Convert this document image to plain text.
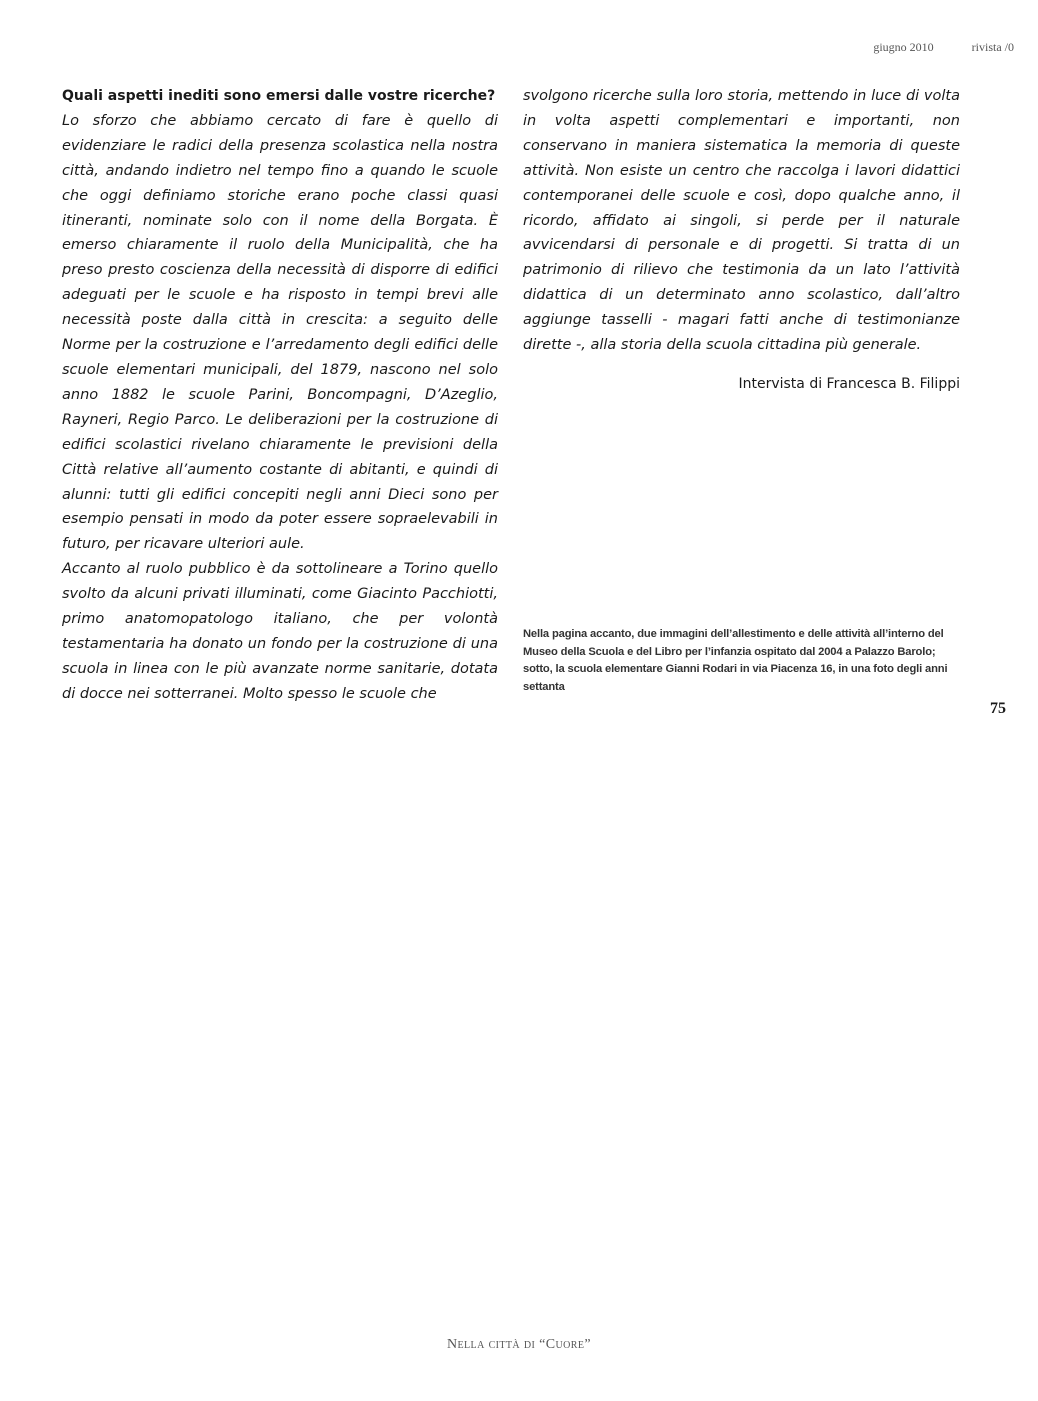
giugno 2010	rivista /0

Quali aspetti inediti sono emersi dalle vostre ricerche?

Lo sforzo che abbiamo cercato di fare è quello di evidenziare le radici della presenza scolastica nella nostra città, andando indietro nel tempo fino a quando le scuole che oggi definiamo storiche erano poche classi quasi itineranti, nominate solo con il nome della Borgata. È emerso chiaramente il ruolo della Municipalità, che ha preso presto coscienza della necessità di disporre di edifici adeguati per le scuole e ha risposto in tempi brevi alle necessità poste dalla città in crescita: a seguito delle Norme per la costruzione e l’arredamento degli edifici delle scuole elementari municipali, del 1879, nascono nel solo anno 1882 le scuole Parini, Boncompagni, D’Azeglio, Rayneri, Regio Parco. Le deliberazioni per la costruzione di edifici scolastici rivelano chiaramente le previsioni della Città relative all’aumento costante di abitanti, e quindi di alunni: tutti gli edifici concepiti negli anni Dieci sono per esempio pensati in modo da poter essere sopraelevabili in futuro, per ricavare ulteriori aule.

Accanto al ruolo pubblico è da sottolineare a Torino quello svolto da alcuni privati illuminati, come Giacinto Pacchiotti, primo anatomopatologo italiano, che per volontà testamentaria ha donato un fondo per la costruzione di una scuola in linea con le più avanzate norme sanitarie, dotata di docce nei sotterranei. Molto spesso le scuole che

svolgono ricerche sulla loro storia, mettendo in luce di volta in volta aspetti complementari e importanti, non conservano in maniera sistematica la memoria di queste attività. Non esiste un centro che raccolga i lavori didattici contemporanei delle scuole e così, dopo qualche anno, il ricordo, affidato ai singoli, si perde per il naturale avvicendarsi di personale e di progetti. Si tratta di un patrimonio di rilievo che testimonia da un lato l’attività didattica di un determinato anno scolastico, dall’altro aggiunge tasselli - magari fatti anche di testimonianze dirette -, alla storia della scuola cittadina più generale.

Intervista di Francesca B. Filippi
Nella pagina accanto, due immagini dell’allestimento e delle attività all’interno del Museo della Scuola e del Libro per l’infanzia ospitato dal 2004 a Palazzo Barolo; sotto, la scuola elementare Gianni Rodari in via Piacenza 16, in una foto degli anni settanta
75
Nella città di “Cuore”
